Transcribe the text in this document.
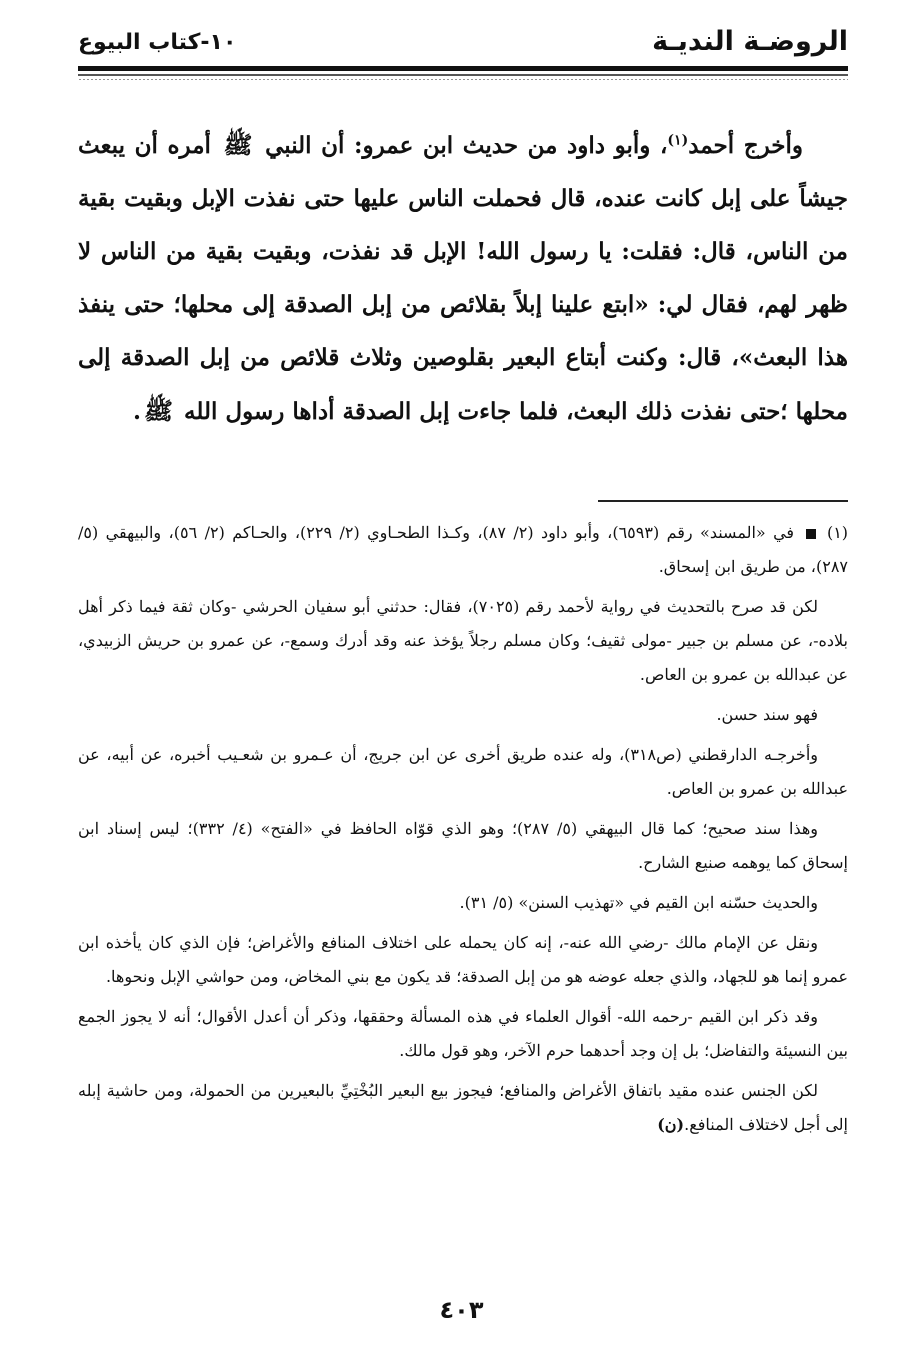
الروضـة النديـة
١٠-كتاب البيوع

وأخرج أحمد$^{(١)}$، وأبو داود من حديث ابن عمرو: أن النبي ﷺ أمره أن يبعث جيشاً على إبل كانت عنده، قال فحملت الناس عليها حتى نفذت الإبل وبقيت بقية من الناس، قال: فقلت: يا رسول الله! الإبل قد نفذت، وبقيت بقية من الناس لا ظهر لهم، فقال لي: «ابتع علينا إبلاً بقلائص من إبل الصدقة إلى محلها؛ حتى ينفذ هذا البعث»، قال: وكنت أبتاع البعير بقلوصين وثلاث قلائص من إبل الصدقة إلى محلها ؛حتى نفذت ذلك البعث، فلما جاءت إبل الصدقة أداها رسول الله ﷺ.

(١)  في «المسند» رقم (٦٥٩٣)، وأبو داود (٢/ ٨٧)، وكـذا الطحـاوي (٢/ ٢٢٩)، والحـاكم (٢/ ٥٦)، والبيهقي (٥/ ٢٨٧)، من طريق ابن إسحاق.

لكن قد صرح بالتحديث في رواية لأحمد رقم (٧٠٢٥)، فقال: حدثني أبو سفيان الحرشي -وكان ثقة فيما ذكر أهل بلاده-، عن مسلم بن جبير -مولى ثقيف؛ وكان مسلم رجلاً يؤخذ عنه وقد أدرك وسمع-، عن عمرو بن حريش الزبيدي، عن عبدالله بن عمرو بن العاص.

فهو سند حسن.

وأخرجـه الدارقطني (ص٣١٨)، وله عنده طريق أخرى عن ابن جريج، أن عـمرو بن شعـيب أخبره، عن أبيه، عن عبدالله بن عمرو بن العاص.

وهذا سند صحيح؛ كما قال البيهقي (٥/ ٢٨٧)؛ وهو الذي قوّاه الحافظ في «الفتح» (٤/ ٣٣٢)؛ ليس إسناد ابن إسحاق كما يوهمه صنيع الشارح.

والحديث حسّنه ابن القيم في «تهذيب السنن» (٥/ ٣١).

ونقل عن الإمام مالك -رضي الله عنه-، إنه كان يحمله على اختلاف المنافع والأغراض؛ فإن الذي كان يأخذه ابن عمرو إنما هو للجهاد، والذي جعله عوضه هو من إبل الصدقة؛ قد يكون مع بني المخاض، ومن حواشي الإبل ونحوها.

وقد ذكر ابن القيم -رحمه الله- أقوال العلماء في هذه المسألة وحققها، وذكر أن أعدل الأقوال؛ أنه لا يجوز الجمع بين النسيئة والتفاضل؛ بل إن وجد أحدهما حرم الآخر، وهو قول مالك.

لكن الجنس عنده مقيد باتفاق الأغراض والمنافع؛ فيجوز بيع البعير البُخْتِيِّ بالبعيرين من الحمولة، ومن حاشية إبله إلى أجل لاختلاف المنافع.(ن)

٤٠٣
